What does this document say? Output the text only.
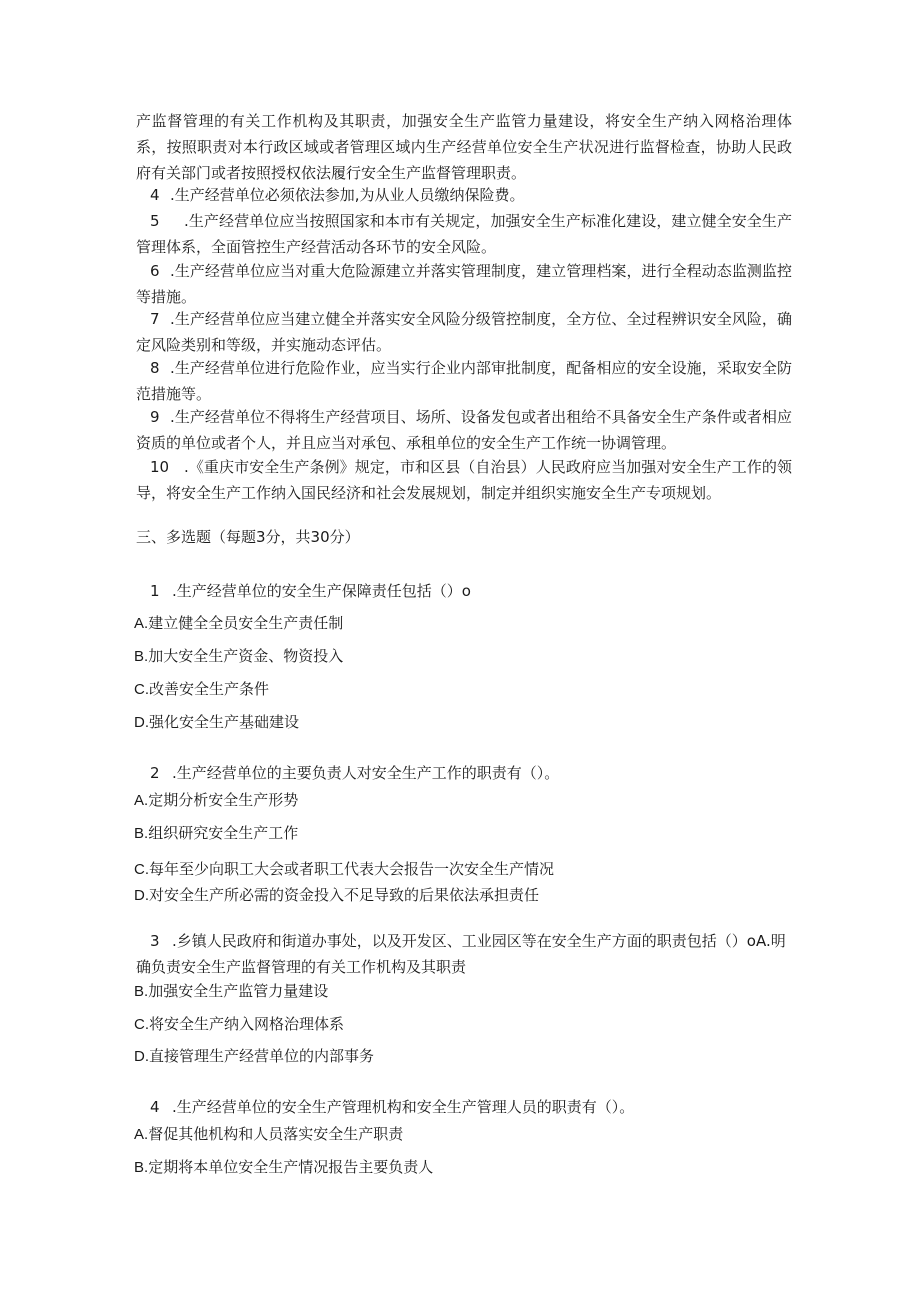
产监督管理的有关工作机构及其职责，加强安全生产监管力量建设，将安全生产纳入网格治理体系，按照职责对本行政区域或者管理区域内生产经营单位安全生产状况进行监督检查，协助人民政府有关部门或者按照授权依法履行安全生产监督管理职责。
4 .生产经营单位必须依法参加,为从业人员缴纳保险费。
5 .生产经营单位应当按照国家和本市有关规定，加强安全生产标准化建设，建立健全安全生产管理体系，全面管控生产经营活动各环节的安全风险。
6 .生产经营单位应当对重大危险源建立并落实管理制度，建立管理档案，进行全程动态监测监控等措施。
7 .生产经营单位应当建立健全并落实安全风险分级管控制度，全方位、全过程辨识安全风险，确定风险类别和等级，并实施动态评估。
8 .生产经营单位进行危险作业，应当实行企业内部审批制度，配备相应的安全设施，采取安全防范措施等。
9 .生产经营单位不得将生产经营项目、场所、设备发包或者出租给不具备安全生产条件或者相应资质的单位或者个人，并且应当对承包、承租单位的安全生产工作统一协调管理。
10 .《重庆市安全生产条例》规定，市和区县（自治县）人民政府应当加强对安全生产工作的领导，将安全生产工作纳入国民经济和社会发展规划，制定并组织实施安全生产专项规划。
三、多选题（每题3分，共30分）
1 .生产经营单位的安全生产保障责任包括（）o
A.建立健全全员安全生产责任制
B.加大安全生产资金、物资投入
C.改善安全生产条件
D.强化安全生产基础建设
2 .生产经营单位的主要负责人对安全生产工作的职责有（）。
A.定期分析安全生产形势
B.组织研究安全生产工作
C.每年至少向职工大会或者职工代表大会报告一次安全生产情况
D.对安全生产所必需的资金投入不足导致的后果依法承担责任
3 .乡镇人民政府和街道办事处，以及开发区、工业园区等在安全生产方面的职责包括（）oA.明确负责安全生产监督管理的有关工作机构及其职责
B.加强安全生产监管力量建设
C.将安全生产纳入网格治理体系
D.直接管理生产经营单位的内部事务
4 .生产经营单位的安全生产管理机构和安全生产管理人员的职责有（）。
A.督促其他机构和人员落实安全生产职责
B.定期将本单位安全生产情况报告主要负责人
